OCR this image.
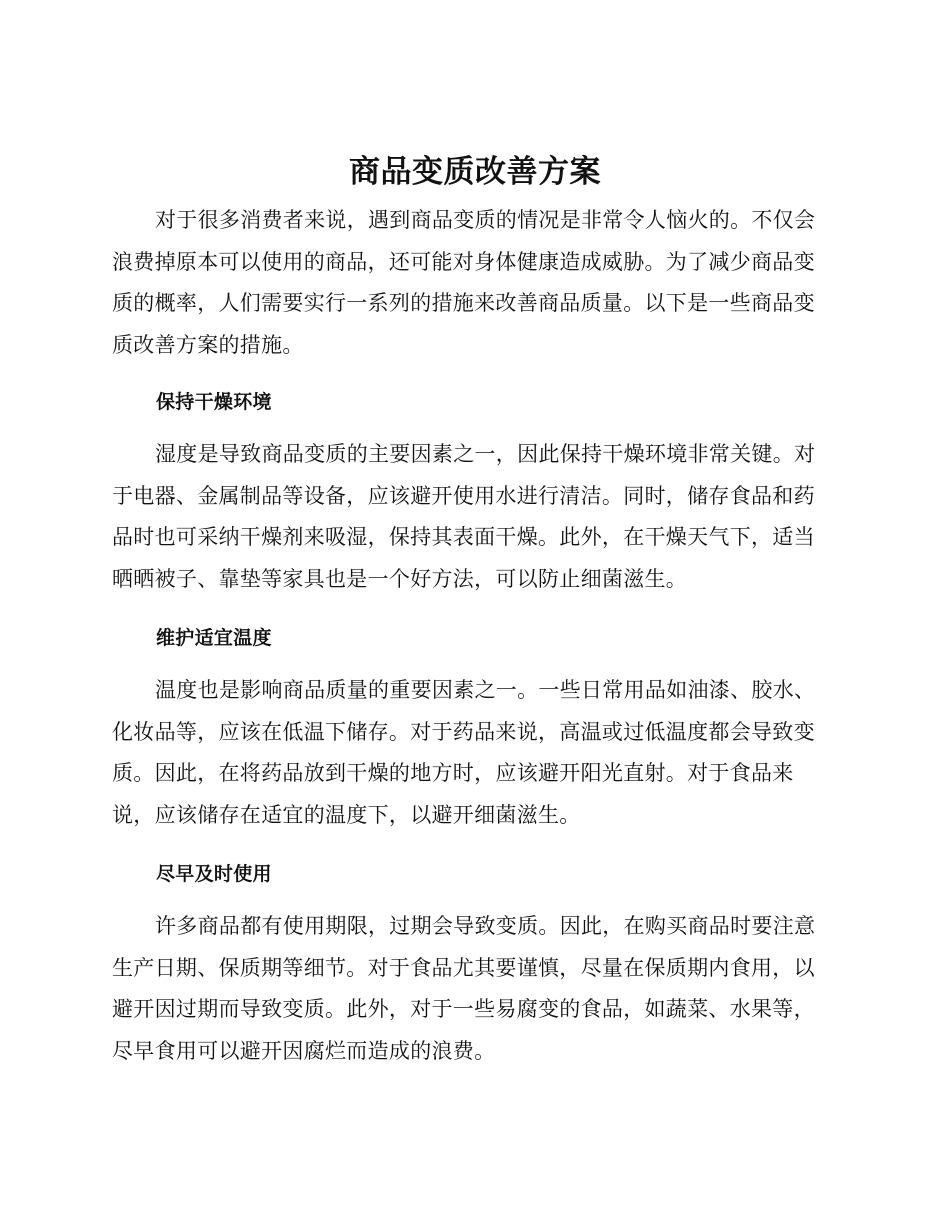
商品变质改善方案

对于很多消费者来说，遇到商品变质的情况是非常令人恼火的。不仅会浪费掉原本可以使用的商品，还可能对身体健康造成威胁。为了减少商品变质的概率，人们需要实行一系列的措施来改善商品质量。以下是一些商品变质改善方案的措施。

保持干燥环境

湿度是导致商品变质的主要因素之一，因此保持干燥环境非常关键。对于电器、金属制品等设备，应该避开使用水进行清洁。同时，储存食品和药品时也可采纳干燥剂来吸湿，保持其表面干燥。此外，在干燥天气下，适当晒晒被子、靠垫等家具也是一个好方法，可以防止细菌滋生。

维护适宜温度

温度也是影响商品质量的重要因素之一。一些日常用品如油漆、胶水、化妆品等，应该在低温下储存。对于药品来说，高温或过低温度都会导致变质。因此，在将药品放到干燥的地方时，应该避开阳光直射。对于食品来说，应该储存在适宜的温度下，以避开细菌滋生。

尽早及时使用

许多商品都有使用期限，过期会导致变质。因此，在购买商品时要注意生产日期、保质期等细节。对于食品尤其要谨慎，尽量在保质期内食用，以避开因过期而导致变质。此外，对于一些易腐变的食品，如蔬菜、水果等，尽早食用可以避开因腐烂而造成的浪费。
